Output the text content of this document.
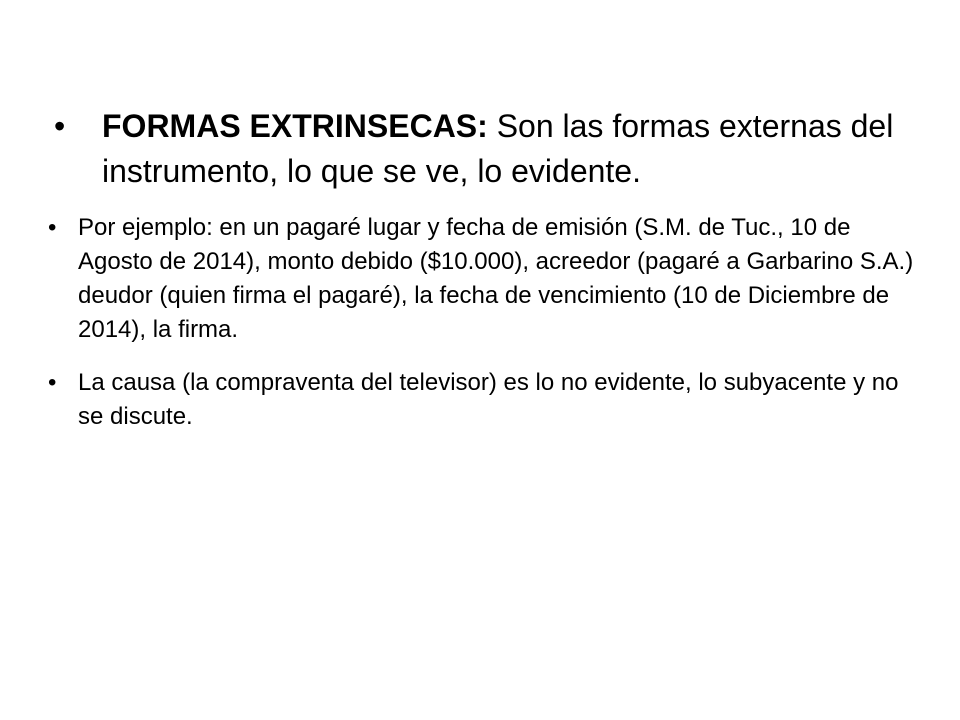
•	FORMAS EXTRINSECAS: Son las formas externas del instrumento, lo que se ve, lo evidente.
• Por ejemplo: en un pagaré lugar y fecha de emisión (S.M. de Tuc., 10 de Agosto de 2014), monto debido ($10.000), acreedor (pagaré a Garbarino S.A.) deudor (quien firma el pagaré), la fecha de vencimiento (10 de Diciembre de 2014), la firma.
• La causa (la compraventa del televisor) es lo no evidente, lo subyacente y no se discute.
